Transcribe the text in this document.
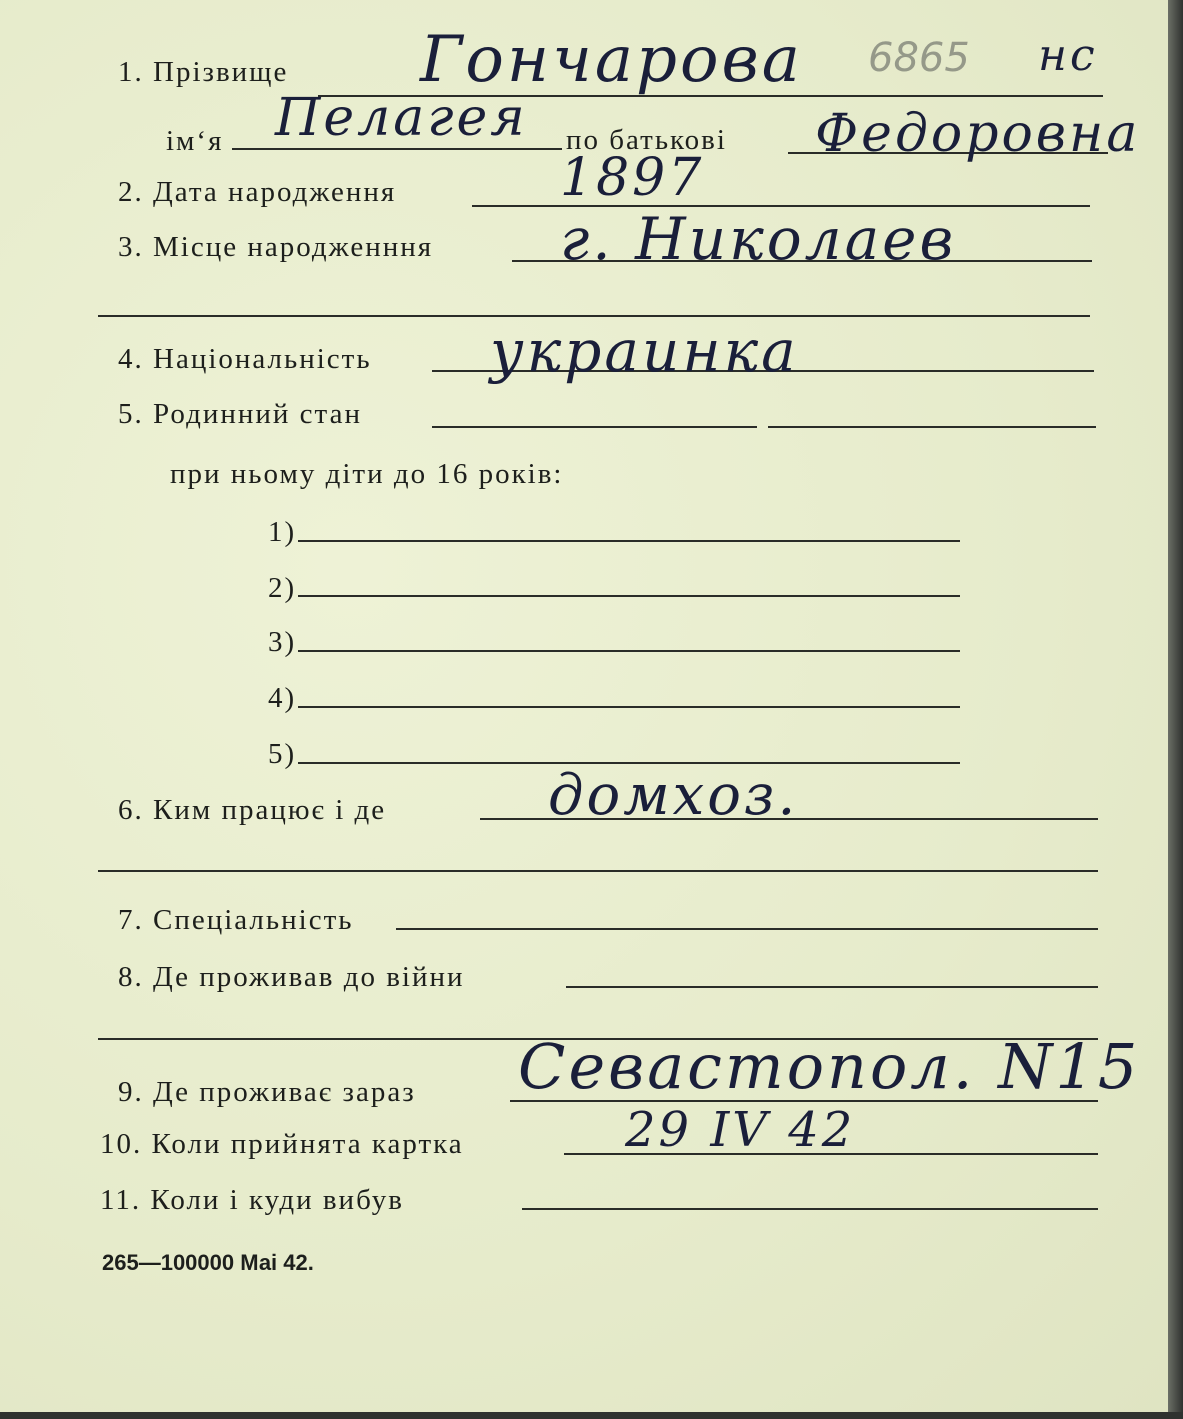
1. Прізвище Гончарова 6865 нс
ім‘я Пелагея по батькові Федоровна
2. Дата народження	1897
3. Місце народженння г. Николаев
4. Національність украинка
5. Родинний стан
при ньому діти до 16 років:
1)
2)
3)
4)
5)
6. Ким працює і де	домхоз.
7. Спеціальність
8. Де проживав до війни
9. Де проживає зараз Севастопол. N15
10. Коли прийнята картка	29 IV 42
11. Коли і куди вибув
265—100000 Маі 42.
